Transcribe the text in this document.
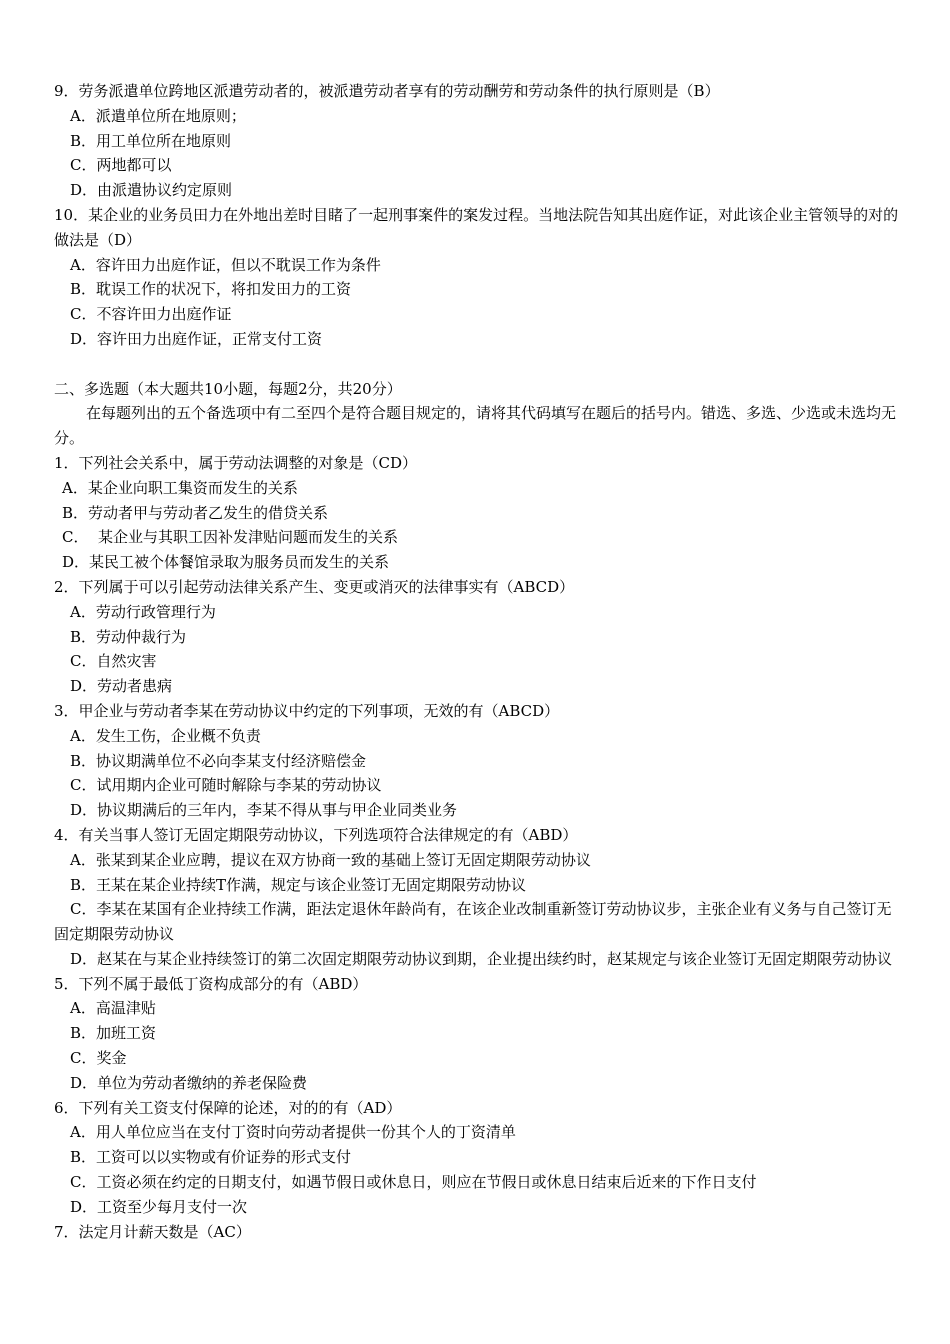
9．劳务派遣单位跨地区派遣劳动者的，被派遣劳动者享有的劳动酬劳和劳动条件的执行原则是（B）

A．派遣单位所在地原则；

B．用工单位所在地原则

C．两地都可以

D．由派遣协议约定原则

10．某企业的业务员田力在外地出差时目睹了一起刑事案件的案发过程。当地法院告知其出庭作证，对此该企业主管领导的对的做法是（D）

A．容许田力出庭作证，但以不耽误工作为条件

B．耽误工作的状况下，将扣发田力的工资

C．不容许田力出庭作证

D．容许田力出庭作证，正常支付工资

二、多选题（本大题共10小题，每题2分，共20分）

在每题列出的五个备选项中有二至四个是符合题目规定的，请将其代码填写在题后的括号内。错选、多选、少选或未选均无分。

1．下列社会关系中，属于劳动法调整的对象是（CD）

A．某企业向职工集资而发生的关系

B．劳动者甲与劳动者乙发生的借贷关系

C．  某企业与其职工因补发津贴问题而发生的关系

D．某民工被个体餐馆录取为服务员而发生的关系

2．下列属于可以引起劳动法律关系产生、变更或消灭的法律事实有（ABCD）

A．劳动行政管理行为

B．劳动仲裁行为

C．自然灾害

D．劳动者患病

3．甲企业与劳动者李某在劳动协议中约定的下列事项，无效的有（ABCD）

A．发生工伤，企业概不负责

B．协议期满单位不必向李某支付经济赔偿金

C．试用期内企业可随时解除与李某的劳动协议

D．协议期满后的三年内，李某不得从事与甲企业同类业务

4．有关当事人签订无固定期限劳动协议，下列选项符合法律规定的有（ABD）

A．张某到某企业应聘，提议在双方协商一致的基础上签订无固定期限劳动协议

B．王某在某企业持续T作满，规定与该企业签订无固定期限劳动协议

C．李某在某国有企业持续工作满，距法定退休年龄尚有，在该企业改制重新签订劳动协议步，主张企业有义务与自己签订无固定期限劳动协议

D．赵某在与某企业持续签订的第二次固定期限劳动协议到期，企业提出续约时，赵某规定与该企业签订无固定期限劳动协议

5．下列不属于最低丁资构成部分的有（ABD）

A．高温津贴

B．加班工资

C．奖金

D．单位为劳动者缴纳的养老保险费

6．下列有关工资支付保障的论述，对的的有（AD）

A．用人单位应当在支付丁资时向劳动者提供一份其个人的丁资清单

B．工资可以以实物或有价证券的形式支付

C．工资必须在约定的日期支付，如遇节假日或休息日，则应在节假日或休息日结束后近来的下作日支付

D．工资至少每月支付一次

7．法定月计薪天数是（AC）
